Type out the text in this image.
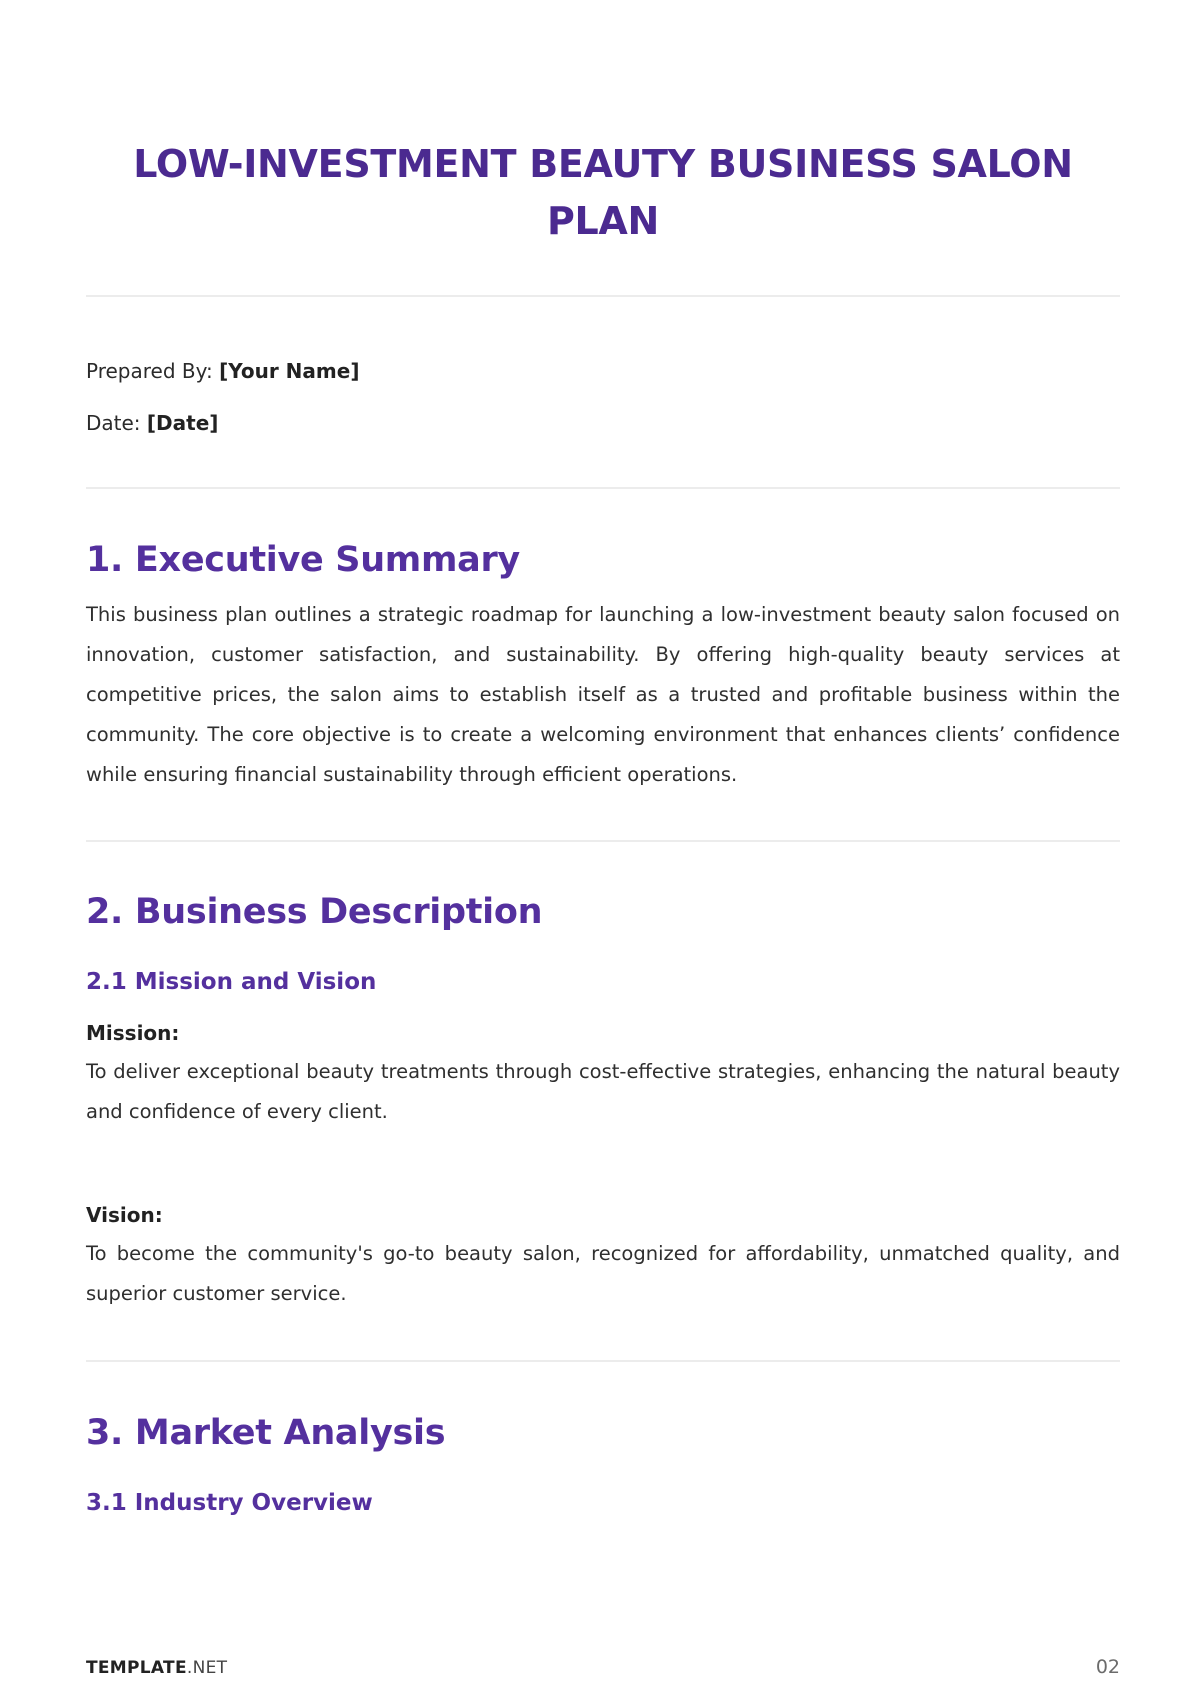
LOW-INVESTMENT BEAUTY BUSINESS SALON PLAN

Prepared By: [Your Name]

Date: [Date]

1. Executive Summary

This business plan outlines a strategic roadmap for launching a low-investment beauty salon focused on innovation, customer satisfaction, and sustainability. By offering high-quality beauty services at competitive prices, the salon aims to establish itself as a trusted and profitable business within the community. The core objective is to create a welcoming environment that enhances clients’ confidence while ensuring financial sustainability through efficient operations.

2. Business Description
2.1 Mission and Vision

Mission:

To deliver exceptional beauty treatments through cost-effective strategies, enhancing the natural beauty and confidence of every client.

Vision:

To become the community's go-to beauty salon, recognized for affordability, unmatched quality, and superior customer service.

3. Market Analysis
3.1 Industry Overview
TEMPLATE.NET	02
